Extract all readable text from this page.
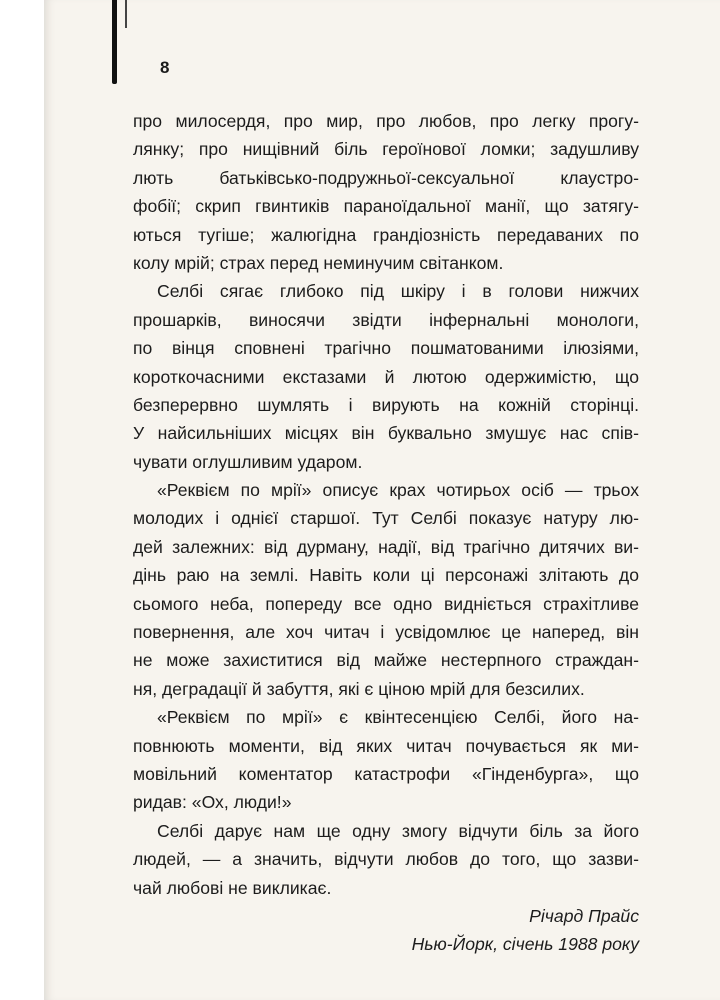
8
про милосердя, про мир, про любов, про легку прогу-
лянку; про нищівний біль героїнової ломки; задушливу
лють батьківсько-подружньої-сексуальної клаустро-
фобії; скрип гвинтиків параноїдальної манії, що затягу-
ються тугіше; жалюгідна грандіозність передаваних по
колу мрій; страх перед неминучим світанком.
Селбі сягає глибоко під шкіру і в голови нижчих
прошарків, виносячи звідти інфернальні монологи,
по вінця сповнені трагічно пошматованими ілюзіями,
короткочасними екстазами й лютою одержимістю, що
безперервно шумлять і вирують на кожній сторінці.
У найсильніших місцях він буквально змушує нас спів-
чувати оглушливим ударом.
«Реквієм по мрії» описує крах чотирьох осіб — трьох
молодих і однієї старшої. Тут Селбі показує натуру лю-
дей залежних: від дурману, надії, від трагічно дитячих ви-
дінь раю на землі. Навіть коли ці персонажі злітають до
сьомого неба, попереду все одно видніється страхітливе
повернення, але хоч читач і усвідомлює це наперед, він
не може захиститися від майже нестерпного страждан-
ня, деградації й забуття, які є ціною мрій для безсилих.
«Реквієм по мрії» є квінтесенцією Селбі, його на-
повнюють моменти, від яких читач почувається як ми-
мовільний коментатор катастрофи «Гінденбурга», що
ридав: «Ох, люди!»
Селбі дарує нам ще одну змогу відчути біль за його
людей, — а значить, відчути любов до того, що зазви-
чай любові не викликає.
Річард Прайс
Нью-Йорк, січень 1988 року
